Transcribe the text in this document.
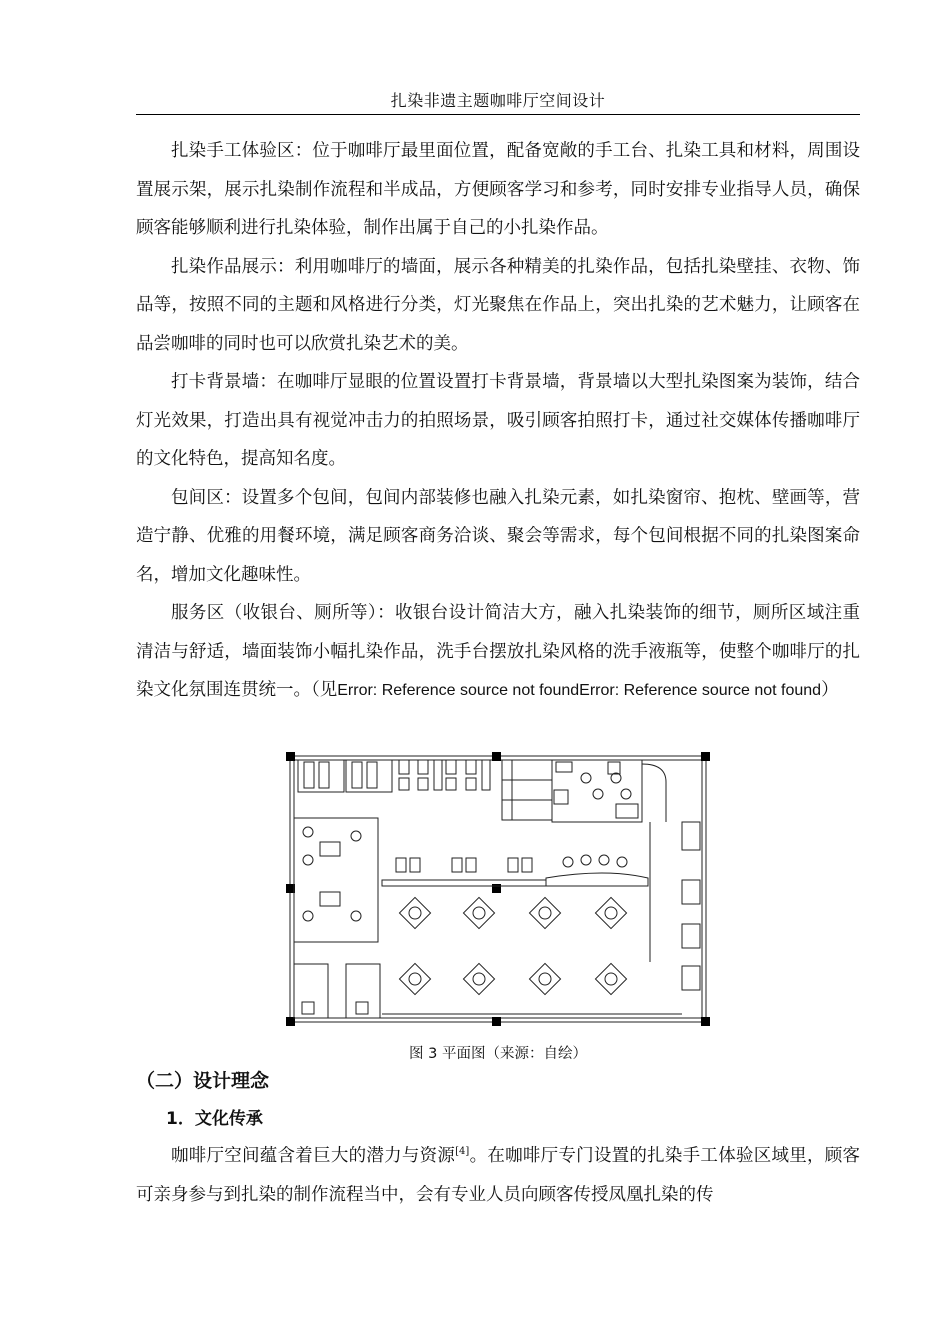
扎染非遗主题咖啡厅空间设计

扎染手工体验区：位于咖啡厅最里面位置，配备宽敞的手工台、扎染工具和材料，周围设置展示架，展示扎染制作流程和半成品，方便顾客学习和参考，同时安排专业指导人员，确保顾客能够顺利进行扎染体验，制作出属于自己的小扎染作品。

扎染作品展示：利用咖啡厅的墙面，展示各种精美的扎染作品，包括扎染壁挂、衣物、饰品等，按照不同的主题和风格进行分类，灯光聚焦在作品上，突出扎染的艺术魅力，让顾客在品尝咖啡的同时也可以欣赏扎染艺术的美。

打卡背景墙：在咖啡厅显眼的位置设置打卡背景墙，背景墙以大型扎染图案为装饰，结合灯光效果，打造出具有视觉冲击力的拍照场景，吸引顾客拍照打卡，通过社交媒体传播咖啡厅的文化特色，提高知名度。

包间区：设置多个包间，包间内部装修也融入扎染元素，如扎染窗帘、抱枕、壁画等，营造宁静、优雅的用餐环境，满足顾客商务洽谈、聚会等需求，每个包间根据不同的扎染图案命名，增加文化趣味性。

服务区（收银台、厕所等）：收银台设计简洁大方，融入扎染装饰的细节，厕所区域注重清洁与舒适，墙面装饰小幅扎染作品，洗手台摆放扎染风格的洗手液瓶等，使整个咖啡厅的扎染文化氛围连贯统一。（见Error: Reference source not foundError: Reference source not found）

图 3 平面图（来源：自绘）
（二）设计理念
1．文化传承

咖啡厅空间蕴含着巨大的潜力与资源[4]。在咖啡厅专门设置的扎染手工体验区域里，顾客可亲身参与到扎染的制作流程当中，会有专业人员向顾客传授凤凰扎染的传
